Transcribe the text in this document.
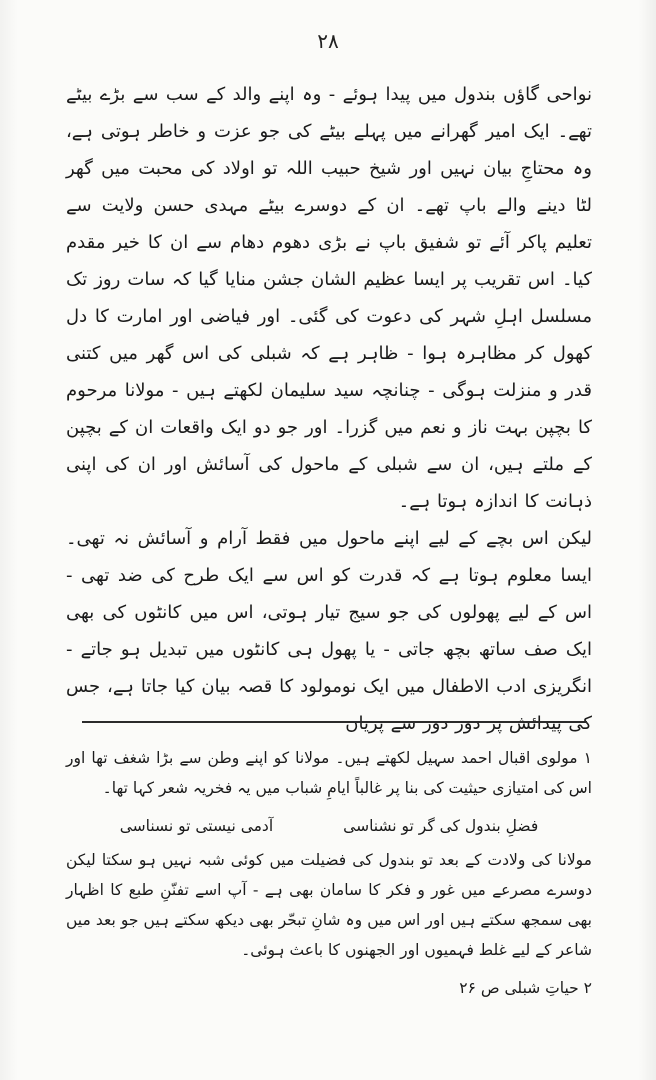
۲۸

نواحی گاؤں بندول میں پیدا ہوئے - وہ اپنے والد کے سب سے بڑے بیٹے تھے۔ ایک امیر گھرانے میں پہلے بیٹے کی جو عزت و خاطر ہوتی ہے، وہ محتاجِ بیان نہیں اور شیخ حبیب اللہ تو اولاد کی محبت میں گھر لٹا دینے والے باپ تھے۔ ان کے دوسرے بیٹے مہدی حسن ولایت سے تعلیم پاکر آئے تو شفیق باپ نے بڑی دھوم دھام سے ان کا خیر مقدم کیا۔ اس تقریب پر ایسا عظیم الشان جشن منایا گیا کہ سات روز تک مسلسل اہلِ شہر کی دعوت کی گئی۔ اور فیاضی اور امارت کا دل کھول کر مظاہرہ ہوا - ظاہر ہے کہ شبلی کی اس گھر میں کتنی قدر و منزلت ہوگی - چنانچہ سید سلیمان لکھتے ہیں - مولانا مرحوم کا بچپن بہت ناز و نعم میں گزرا۔ اور جو دو ایک واقعات ان کے بچپن کے ملتے ہیں، ان سے شبلی کے ماحول کی آسائش اور ان کی اپنی ذہانت کا اندازہ ہوتا ہے۔

لیکن اس بچے کے لیے اپنے ماحول میں فقط آرام و آسائش نہ تھی۔ ایسا معلوم ہوتا ہے کہ قدرت کو اس سے ایک طرح کی ضد تھی - اس کے لیے پھولوں کی جو سیج تیار ہوتی، اس میں کانٹوں کی بھی ایک صف ساتھ بچھ جاتی - یا پھول ہی کانٹوں میں تبدیل ہو جاتے - انگریزی ادب الاطفال میں ایک نومولود کا قصہ بیان کیا جاتا ہے، جس کی پیدائش پر دور دور سے پریاں

۱ مولوی اقبال احمد سہیل لکھتے ہیں۔ مولانا کو اپنے وطن سے بڑا شغف تھا اور اس کی امتیازی حیثیت کی بنا پر غالباً ایامِ شباب میں یہ فخریہ شعر کہا تھا۔

فضلِ بندول کی گر تو نشناسی
آدمی نیستی تو نسناسی

مولانا کی ولادت کے بعد تو بندول کی فضیلت میں کوئی شبہ نہیں ہو سکتا لیکن دوسرے مصرعے میں غور و فکر کا سامان بھی ہے - آپ اسے تفنّنِ طبع کا اظہار بھی سمجھ سکتے ہیں اور اس میں وہ شانِ تبحّر بھی دیکھ سکتے ہیں جو بعد میں شاعر کے لیے غلط فہمیوں اور الجھنوں کا باعث ہوئی۔

۲ حیاتِ شبلی ص ۲۶
